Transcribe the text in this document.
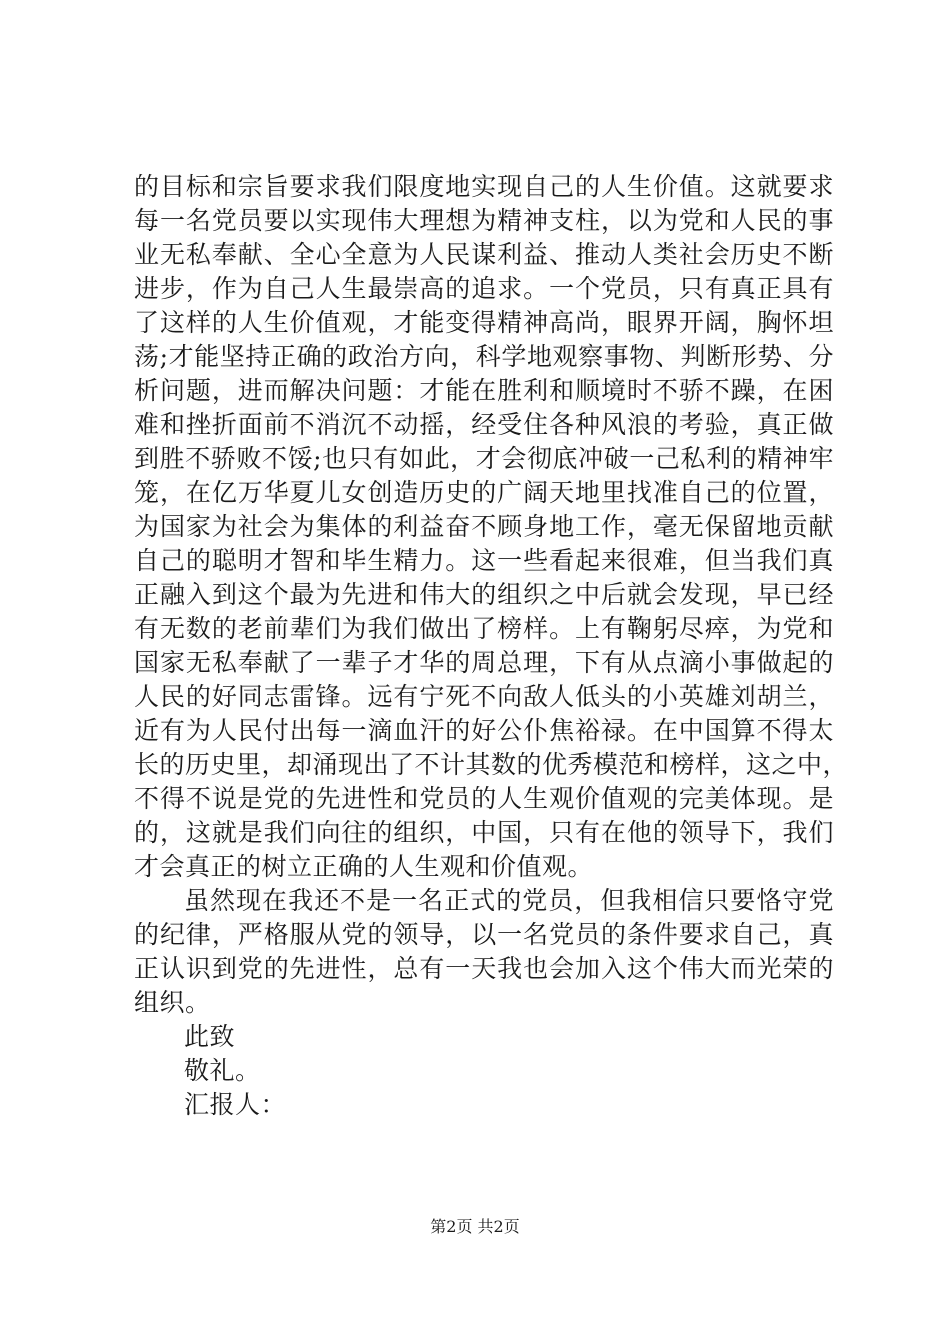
的目标和宗旨要求我们限度地实现自己的人生价值。这就要求
每一名党员要以实现伟大理想为精神支柱，以为党和人民的事
业无私奉献、全心全意为人民谋利益、推动人类社会历史不断
进步，作为自己人生最崇高的追求。一个党员，只有真正具有
了这样的人生价值观，才能变得精神高尚，眼界开阔，胸怀坦
荡;才能坚持正确的政治方向，科学地观察事物、判断形势、分
析问题，进而解决问题：才能在胜利和顺境时不骄不躁，在困
难和挫折面前不消沉不动摇，经受住各种风浪的考验，真正做
到胜不骄败不馁;也只有如此，才会彻底冲破一己私利的精神牢
笼，在亿万华夏儿女创造历史的广阔天地里找准自己的位置，
为国家为社会为集体的利益奋不顾身地工作，毫无保留地贡献
自己的聪明才智和毕生精力。这一些看起来很难，但当我们真
正融入到这个最为先进和伟大的组织之中后就会发现，早已经
有无数的老前辈们为我们做出了榜样。上有鞠躬尽瘁，为党和
国家无私奉献了一辈子才华的周总理，下有从点滴小事做起的
人民的好同志雷锋。远有宁死不向敌人低头的小英雄刘胡兰，
近有为人民付出每一滴血汗的好公仆焦裕禄。在中国算不得太
长的历史里，却涌现出了不计其数的优秀模范和榜样，这之中，
不得不说是党的先进性和党员的人生观价值观的完美体现。是
的，这就是我们向往的组织，中国，只有在他的领导下，我们
才会真正的树立正确的人生观和价值观。
虽然现在我还不是一名正式的党员，但我相信只要恪守党
的纪律，严格服从党的领导，以一名党员的条件要求自己，真
正认识到党的先进性，总有一天我也会加入这个伟大而光荣的
组织。
此致
敬礼。
汇报人：
第2页 共2页
